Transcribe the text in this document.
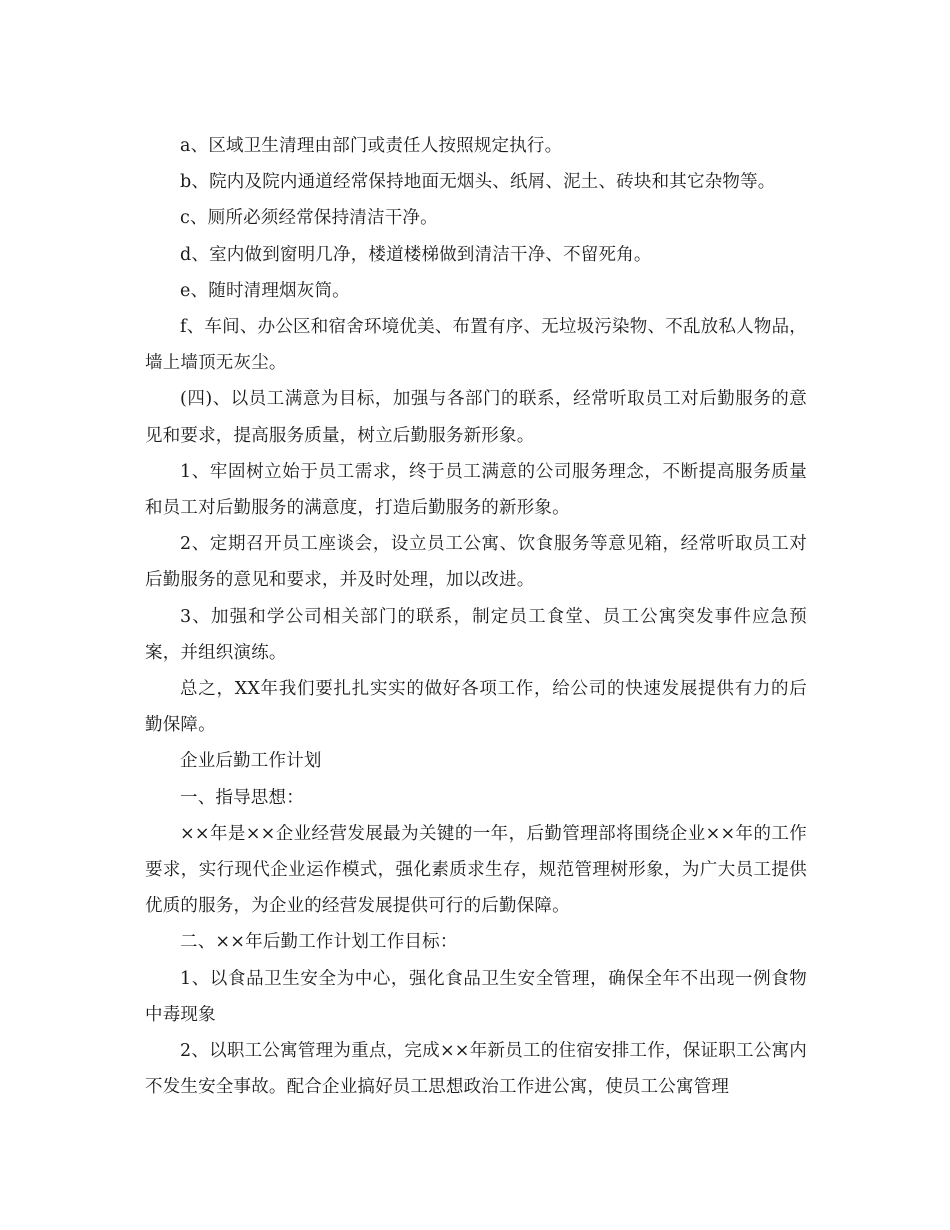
a、区域卫生清理由部门或责任人按照规定执行。

b、院内及院内通道经常保持地面无烟头、纸屑、泥土、砖块和其它杂物等。

c、厕所必须经常保持清洁干净。

d、室内做到窗明几净，楼道楼梯做到清洁干净、不留死角。

e、随时清理烟灰筒。

f、车间、办公区和宿舍环境优美、布置有序、无垃圾污染物、不乱放私人物品，墙上墙顶无灰尘。

(四)、以员工满意为目标，加强与各部门的联系，经常听取员工对后勤服务的意见和要求，提高服务质量，树立后勤服务新形象。

1、牢固树立始于员工需求，终于员工满意的公司服务理念，不断提高服务质量和员工对后勤服务的满意度，打造后勤服务的新形象。

2、定期召开员工座谈会，设立员工公寓、饮食服务等意见箱，经常听取员工对后勤服务的意见和要求，并及时处理，加以改进。

3、加强和学公司相关部门的联系，制定员工食堂、员工公寓突发事件应急预案，并组织演练。

总之，XX年我们要扎扎实实的做好各项工作，给公司的快速发展提供有力的后勤保障。

企业后勤工作计划

一、指导思想：

××年是××企业经营发展最为关键的一年，后勤管理部将围绕企业××年的工作要求，实行现代企业运作模式，强化素质求生存，规范管理树形象，为广大员工提供优质的服务，为企业的经营发展提供可行的后勤保障。

二、××年后勤工作计划工作目标：

1、以食品卫生安全为中心，强化食品卫生安全管理，确保全年不出现一例食物中毒现象

2、以职工公寓管理为重点，完成××年新员工的住宿安排工作，保证职工公寓内不发生安全事故。配合企业搞好员工思想政治工作进公寓，使员工公寓管理
